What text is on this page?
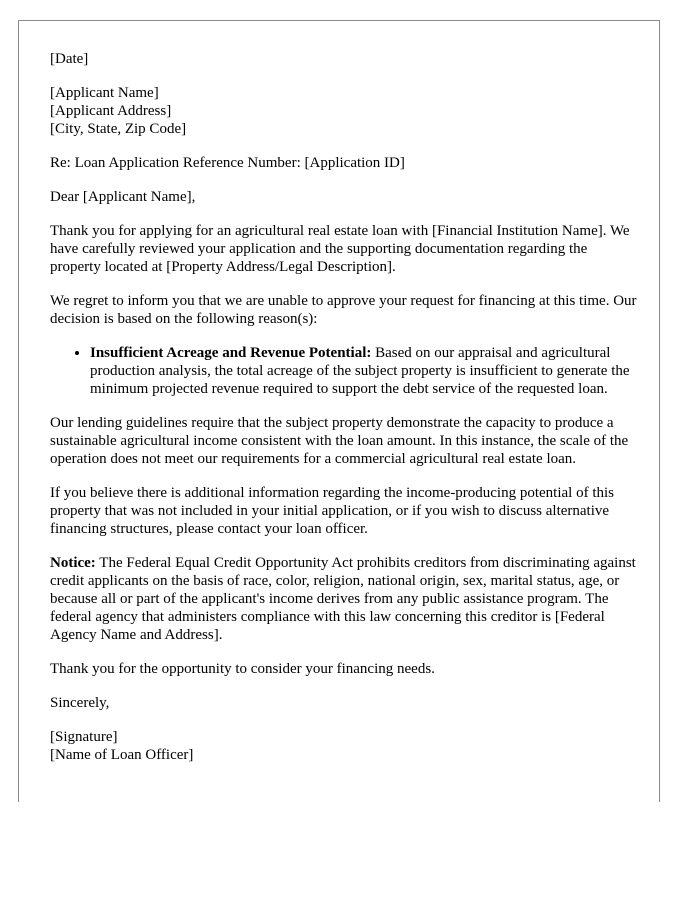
[Date]

[Applicant Name]

[Applicant Address]

[City, State, Zip Code]

Re: Loan Application Reference Number: [Application ID]

Dear [Applicant Name],

Thank you for applying for an agricultural real estate loan with [Financial Institution Name]. We have carefully reviewed your application and the supporting documentation regarding the property located at [Property Address/Legal Description].

We regret to inform you that we are unable to approve your request for financing at this time. Our decision is based on the following reason(s):

• Insufficient Acreage and Revenue Potential: Based on our appraisal and agricultural production analysis, the total acreage of the subject property is insufficient to generate the minimum projected revenue required to support the debt service of the requested loan.

Our lending guidelines require that the subject property demonstrate the capacity to produce a sustainable agricultural income consistent with the loan amount. In this instance, the scale of the operation does not meet our requirements for a commercial agricultural real estate loan.

If you believe there is additional information regarding the income-producing potential of this property that was not included in your initial application, or if you wish to discuss alternative financing structures, please contact your loan officer.

Notice: The Federal Equal Credit Opportunity Act prohibits creditors from discriminating against credit applicants on the basis of race, color, religion, national origin, sex, marital status, age, or because all or part of the applicant's income derives from any public assistance program. The federal agency that administers compliance with this law concerning this creditor is [Federal Agency Name and Address].

Thank you for the opportunity to consider your financing needs.

Sincerely,

[Signature]

[Name of Loan Officer]
